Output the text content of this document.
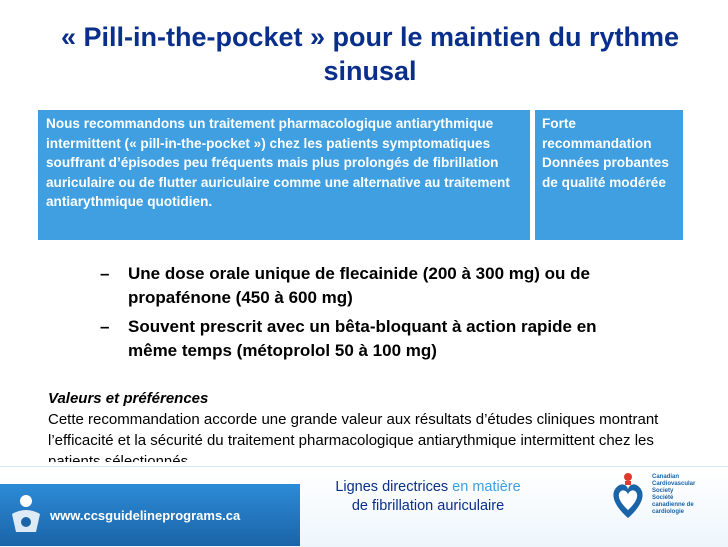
« Pill-in-the-pocket » pour le maintien du rythme sinusal
Nous recommandons un traitement pharmacologique antiarythmique intermittent (« pill-in-the-pocket ») chez les patients symptomatiques souffrant d’épisodes peu fréquents mais plus prolongés de fibrillation auriculaire ou de flutter auriculaire comme une alternative au traitement antiarythmique quotidien.
Forte recommandation Données probantes de qualité modérée
– Une dose orale unique de flecainide (200 à 300 mg) ou de propafénone (450 à 600 mg)
– Souvent prescrit avec un bêta-bloquant à action rapide en même temps (métoprolol 50 à 100 mg)
Valeurs et préférences
Cette recommandation accorde une grande valeur aux résultats d’études cliniques montrant l’efficacité et la sécurité du traitement pharmacologique antiarythmique intermittent chez les
www.ccsguidelineprograms.ca
Lignes directrices en matière
de fibrillation auriculaire
Canadian
Cardiovascular
Society
Société
canadienne de
cardiologie
